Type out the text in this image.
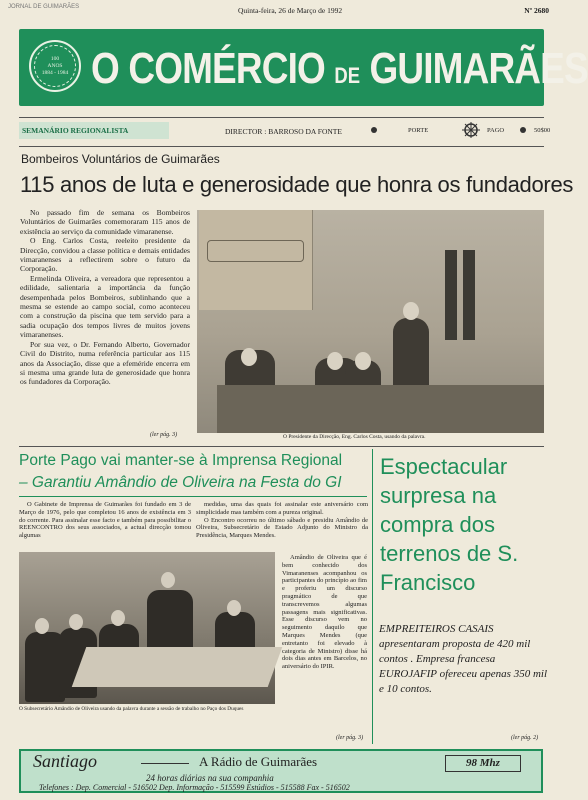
JORNAL DE GUIMARÃES	Quinta-feira, 26 de Março de 1992	Nº 2680
100
ANOS
1884 - 1984 O COMÉRCIO DE GUIMARÃES
SEMANÁRIO REGIONALISTA	DIRECTOR : BARROSO DA FONTE	PORTE	PAGO	50$00
Bombeiros Voluntários de Guimarães
115 anos de luta e generosidade que honra os fundadores

No passado fim de semana os Bombeiros Voluntários de Guimarães comemoraram 115 anos de existência ao serviço da comunidade vimaranense.

O Eng. Carlos Costa, reeleito presidente da Direcção, convidou a classe política e demais entidades vimaranenses a reflectirem sobre o futuro da Corporação.

Ermelinda Oliveira, a vereadora que representou a edilidade, salientaria a importância da função desempenhada pelos Bombeiros, sublinhando que a mesma se estende ao campo social, como aconteceu com a construção da piscina que tem servido para a sadia ocupação dos tempos livres de muitos jovens vimaranenses.

Por sua vez, o Dr. Fernando Alberto, Governador Civil do Distrito, numa referência particular aos 115 anos da Associação, disse que a efeméride encerra em si mesma uma grande luta de generosidade que honra os fundadores da Corporação.

(ler pág. 3)	O Presidente da Direcção, Eng. Carlos Costa, usando da palavra.
Porte Pago vai manter-se à Imprensa Regional
– Garantiu Amândio de Oliveira na Festa do GI

O Gabinete de Imprensa de Guimarães foi fundado em 3 de Março de 1976, pelo que completou 16 anos de existência em 3 do corrente. Para assinalar esse facto e também para possibilitar o REENCONTRO dos seus associados, a actual direcção tomou algumas

medidas, uma das quais foi assinalar este aniversário com simplicidade mas também com a pureza original.

O Encontro ocorreu no último sábado e presidiu Amândio de Oliveira, Subsecretário de Estado Adjunto do Ministro da Presidência, Marques Mendes.

O Subsecretário Amândio de Oliveira usando da palavra durante a sessão de trabalho no Paço dos Duques

Amândio de Oliveira que é bem conhecido dos Vimaranenses acompanhou os participantes do princípio ao fim e proferiu um discurso pragmático de que transcrevemos algumas passagens mais significativas. Esse discurso vem no seguimento daquilo que Marques Mendes (que entretanto foi elevado à categoria de Ministro) disse há dois dias antes em Barcelos, no aniversário do IPIR.

(ler pág. 3)
Espectacular surpresa na compra dos terrenos de S. Francisco
EMPREITEIROS CASAIS apresentaram proposta de 420 mil contos . Empresa francesa EUROJAFIP ofereceu apenas 350 mil e 10 contos.
(ler pág. 2)
Santiago	A Rádio de Guimarães	98 Mhz
24 horas diárias na sua companhia
Telefones : Dep. Comercial - 516502 Dep. Informação - 515599 Estúdios - 515588 Fax - 516502
